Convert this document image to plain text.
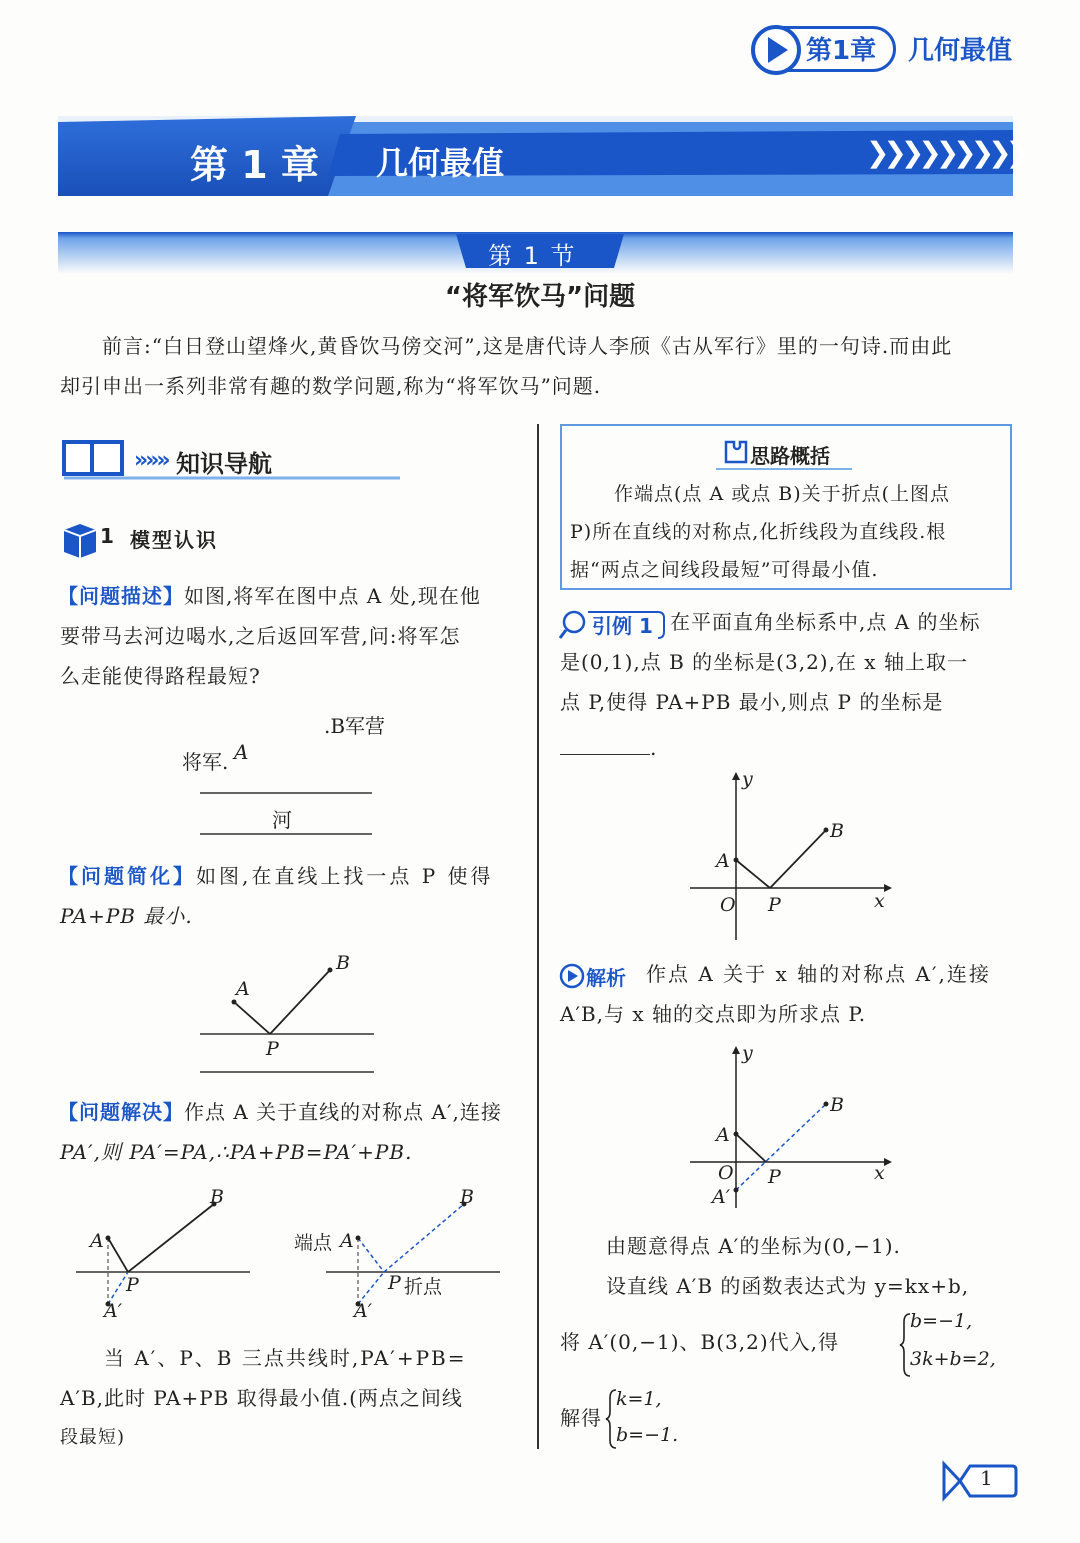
第1章 几何最值
第 1 章 几何最值	❯❯❯❯❯❯❯❯❯
第 1 节
“将军饮马”问题
前言:“白日登山望烽火,黄昏饮马傍交河”,这是唐代诗人李颀《古从军行》里的一句诗.而由此
却引申出一系列非常有趣的数学问题,称为“将军饮马”问题.
»»» 知识导航
1 模型认识
【问题描述】如图,将军在图中点 A 处,现在他
要带马去河边喝水,之后返回军营,问:将军怎
么走能使得路程最短?
.B军营
将军. A
河
【问题简化】如图,在直线上找一点 P 使得
PA+PB 最小.
A
B
P
【问题解决】作点 A 关于直线的对称点 A′,连接
PA′,则 PA′=PA,∴PA+PB=PA′+PB.
A
B
P
A′
端点 A
B
P 折点
A′
当 A′、P、B 三点共线时,PA′+PB=
A′B,此时 PA+PB 取得最小值.(两点之间线
段最短)
思路概括
作端点(点 A 或点 B)关于折点(上图点
P)所在直线的对称点,化折线段为直线段.根
据“两点之间线段最短”可得最小值.
引例 1 在平面直角坐标系中,点 A 的坐标
是(0,1),点 B 的坐标是(3,2),在 x 轴上取一
点 P,使得 PA+PB 最小,则点 P 的坐标是
.
y
x
O
A
B
P
解析 作点 A 关于 x 轴的对称点 A′,连接
A′B,与 x 轴的交点即为所求点 P.
y
x
O
A
B
P
A′
由题意得点 A′的坐标为(0,−1).
设直线 A′B 的函数表达式为 y=kx+b,
将 A′(0,−1)、B(3,2)代入,得
b=−1,
3k+b=2,
解得
k=1,
b=−1.
1
